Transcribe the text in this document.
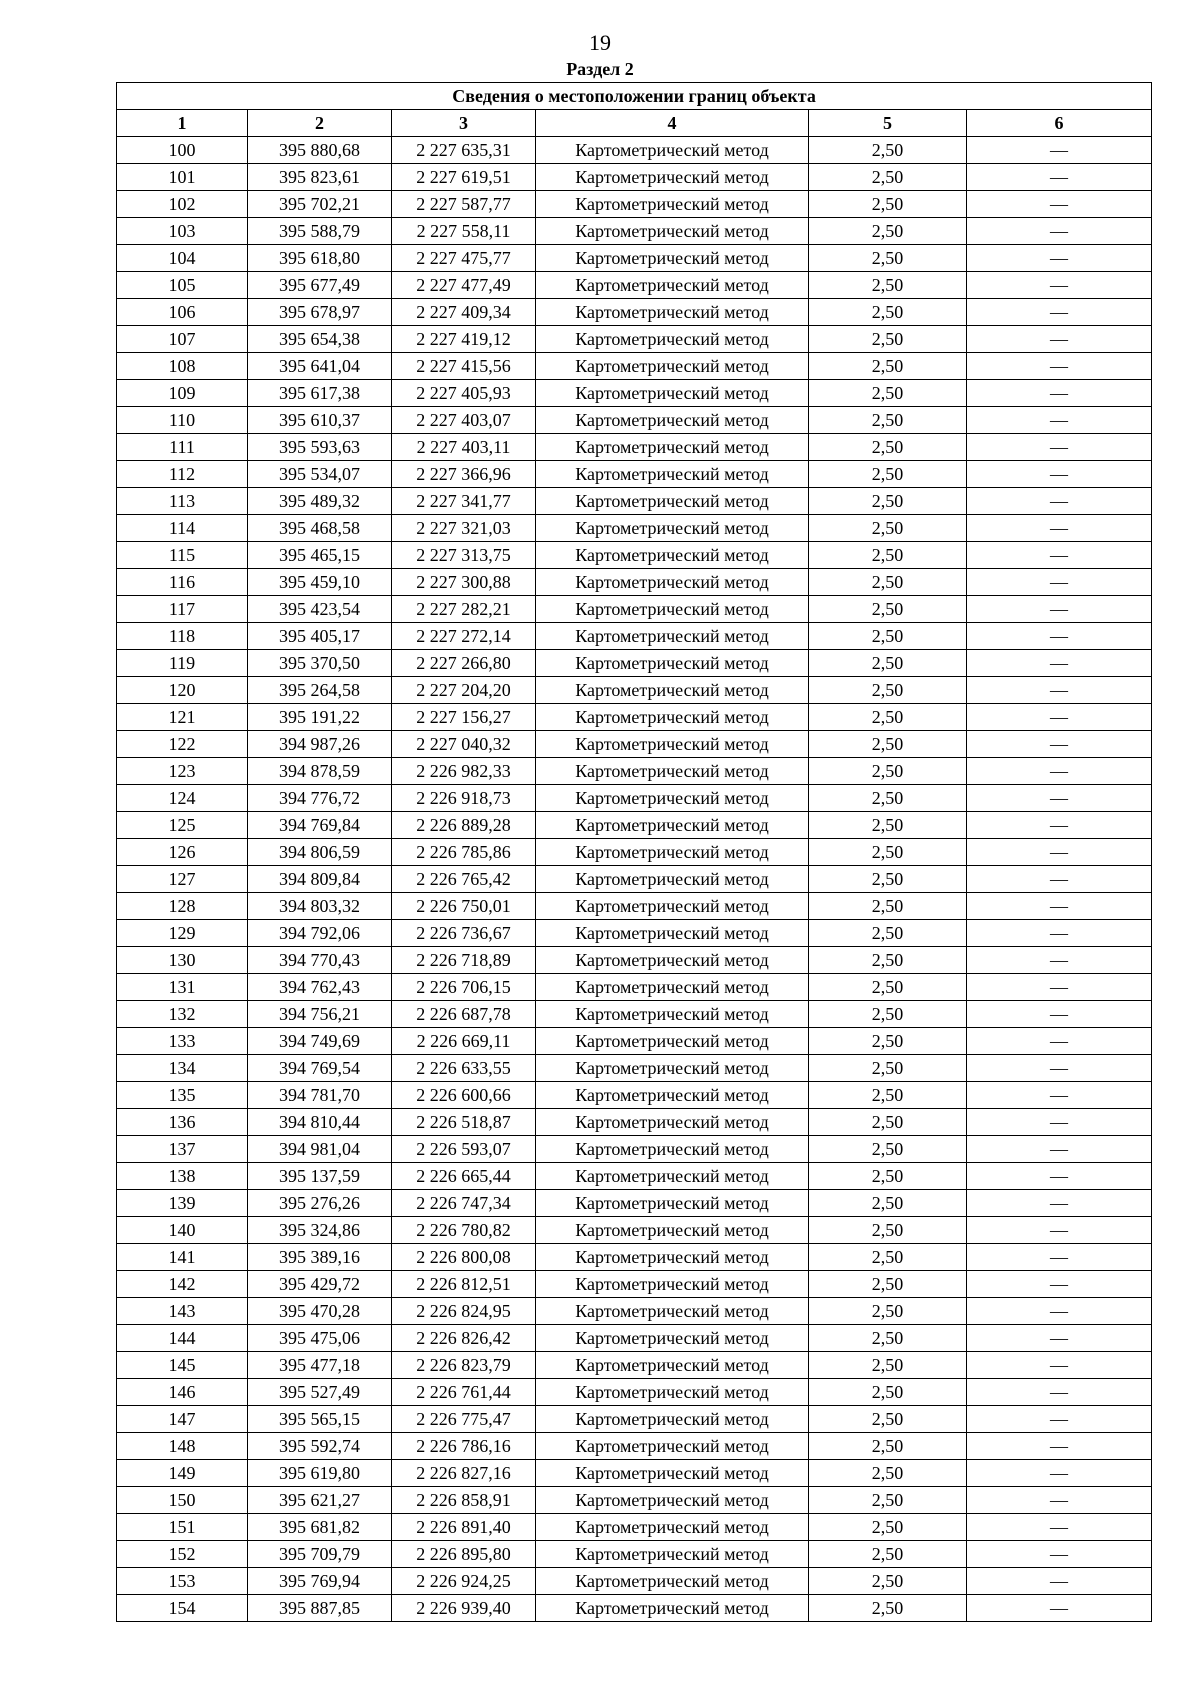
19
Раздел 2
Сведения о местоположении границ объекта					
1	2	3	4	5	6
100	395 880,68	2 227 635,31	Картометрический метод	2,50	—
101	395 823,61	2 227 619,51	Картометрический метод	2,50	—
102	395 702,21	2 227 587,77	Картометрический метод	2,50	—
103	395 588,79	2 227 558,11	Картометрический метод	2,50	—
104	395 618,80	2 227 475,77	Картометрический метод	2,50	—
105	395 677,49	2 227 477,49	Картометрический метод	2,50	—
106	395 678,97	2 227 409,34	Картометрический метод	2,50	—
107	395 654,38	2 227 419,12	Картометрический метод	2,50	—
108	395 641,04	2 227 415,56	Картометрический метод	2,50	—
109	395 617,38	2 227 405,93	Картометрический метод	2,50	—
110	395 610,37	2 227 403,07	Картометрический метод	2,50	—
111	395 593,63	2 227 403,11	Картометрический метод	2,50	—
112	395 534,07	2 227 366,96	Картометрический метод	2,50	—
113	395 489,32	2 227 341,77	Картометрический метод	2,50	—
114	395 468,58	2 227 321,03	Картометрический метод	2,50	—
115	395 465,15	2 227 313,75	Картометрический метод	2,50	—
116	395 459,10	2 227 300,88	Картометрический метод	2,50	—
117	395 423,54	2 227 282,21	Картометрический метод	2,50	—
118	395 405,17	2 227 272,14	Картометрический метод	2,50	—
119	395 370,50	2 227 266,80	Картометрический метод	2,50	—
120	395 264,58	2 227 204,20	Картометрический метод	2,50	—
121	395 191,22	2 227 156,27	Картометрический метод	2,50	—
122	394 987,26	2 227 040,32	Картометрический метод	2,50	—
123	394 878,59	2 226 982,33	Картометрический метод	2,50	—
124	394 776,72	2 226 918,73	Картометрический метод	2,50	—
125	394 769,84	2 226 889,28	Картометрический метод	2,50	—
126	394 806,59	2 226 785,86	Картометрический метод	2,50	—
127	394 809,84	2 226 765,42	Картометрический метод	2,50	—
128	394 803,32	2 226 750,01	Картометрический метод	2,50	—
129	394 792,06	2 226 736,67	Картометрический метод	2,50	—
130	394 770,43	2 226 718,89	Картометрический метод	2,50	—
131	394 762,43	2 226 706,15	Картометрический метод	2,50	—
132	394 756,21	2 226 687,78	Картометрический метод	2,50	—
133	394 749,69	2 226 669,11	Картометрический метод	2,50	—
134	394 769,54	2 226 633,55	Картометрический метод	2,50	—
135	394 781,70	2 226 600,66	Картометрический метод	2,50	—
136	394 810,44	2 226 518,87	Картометрический метод	2,50	—
137	394 981,04	2 226 593,07	Картометрический метод	2,50	—
138	395 137,59	2 226 665,44	Картометрический метод	2,50	—
139	395 276,26	2 226 747,34	Картометрический метод	2,50	—
140	395 324,86	2 226 780,82	Картометрический метод	2,50	—
141	395 389,16	2 226 800,08	Картометрический метод	2,50	—
142	395 429,72	2 226 812,51	Картометрический метод	2,50	—
143	395 470,28	2 226 824,95	Картометрический метод	2,50	—
144	395 475,06	2 226 826,42	Картометрический метод	2,50	—
145	395 477,18	2 226 823,79	Картометрический метод	2,50	—
146	395 527,49	2 226 761,44	Картометрический метод	2,50	—
147	395 565,15	2 226 775,47	Картометрический метод	2,50	—
148	395 592,74	2 226 786,16	Картометрический метод	2,50	—
149	395 619,80	2 226 827,16	Картометрический метод	2,50	—
150	395 621,27	2 226 858,91	Картометрический метод	2,50	—
151	395 681,82	2 226 891,40	Картометрический метод	2,50	—
152	395 709,79	2 226 895,80	Картометрический метод	2,50	—
153	395 769,94	2 226 924,25	Картометрический метод	2,50	—
154	395 887,85	2 226 939,40	Картометрический метод	2,50	—
